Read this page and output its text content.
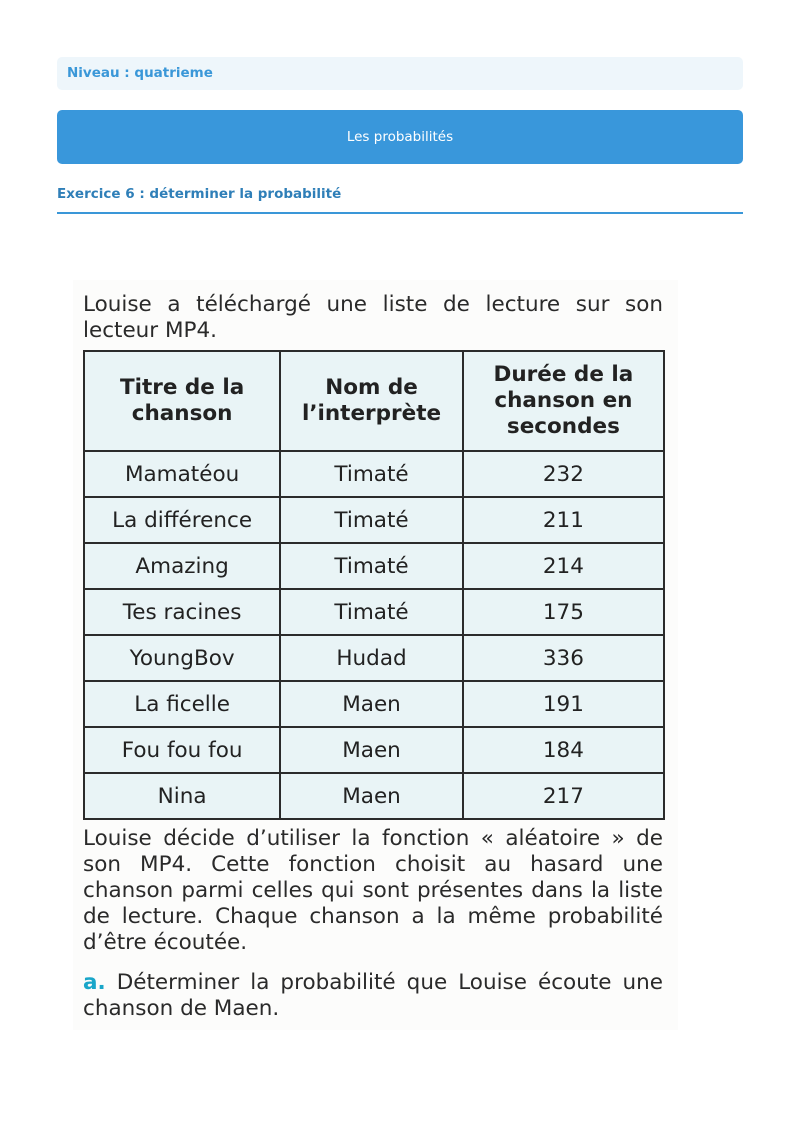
Niveau : quatrieme
Les probabilités
Exercice 6 : déterminer la probabilité

Louise a téléchargé une liste de lecture sur son lecteur MP4.

Titre de la chanson	Nom de l’interprète	Durée de la chanson en secondes
Mamatéou	Timaté	232
La différence	Timaté	211
Amazing	Timaté	214
Tes racines	Timaté	175
YoungBov	Hudad	336
La ficelle	Maen	191
Fou fou fou	Maen	184
Nina	Maen	217

Louise décide d’utiliser la fonction « aléatoire » de son MP4. Cette fonction choisit au hasard une chanson parmi celles qui sont présentes dans la liste de lecture. Chaque chanson a la même probabilité d’être écoutée.

a. Déterminer la probabilité que Louise écoute une chanson de Maen.
